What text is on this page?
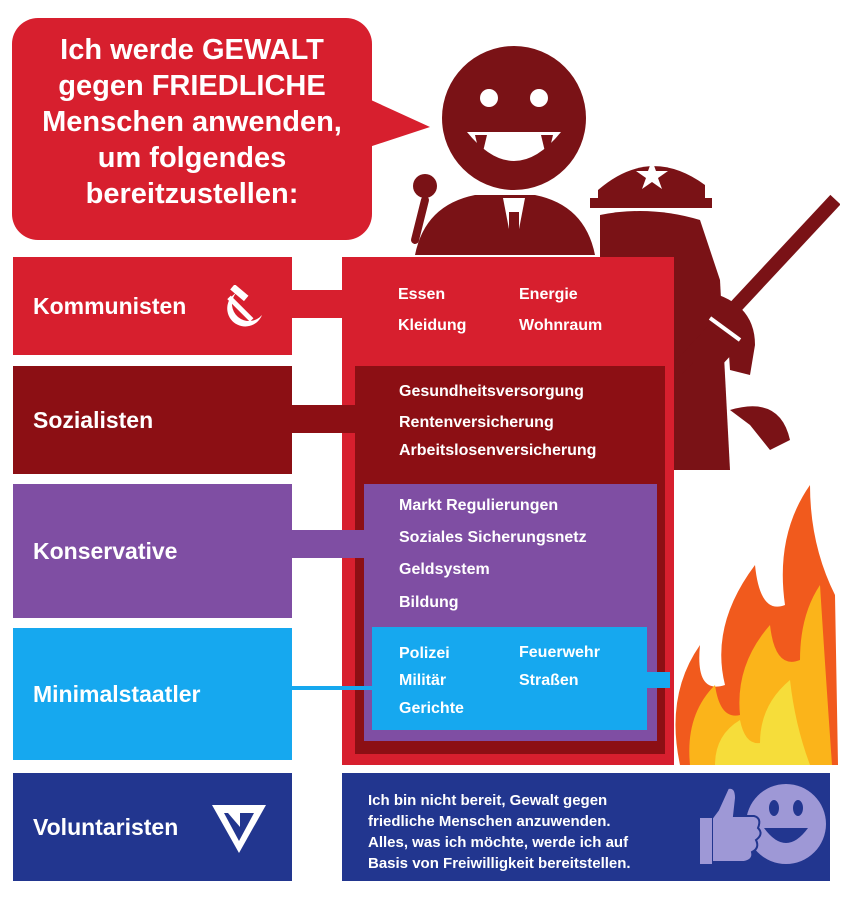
Ich werde GEWALT
gegen FRIEDLICHE
Menschen anwenden,
um folgendes
bereitzustellen:
Kommunisten
Sozialisten
Konservative
Minimalstaatler
Voluntaristen
Essen	Energie
Kleidung	Wohnraum
Gesundheitsversorgung
Rentenversicherung
Arbeitslosenversicherung
Markt Regulierungen
Soziales Sicherungsnetz
Geldsystem
Bildung
Polizei	Feuerwehr
Militär	Straßen
Gerichte
Ich bin nicht bereit, Gewalt gegen
friedliche Menschen anzuwenden.
Alles, was ich möchte, werde ich auf
Basis von Freiwilligkeit bereitstellen.
